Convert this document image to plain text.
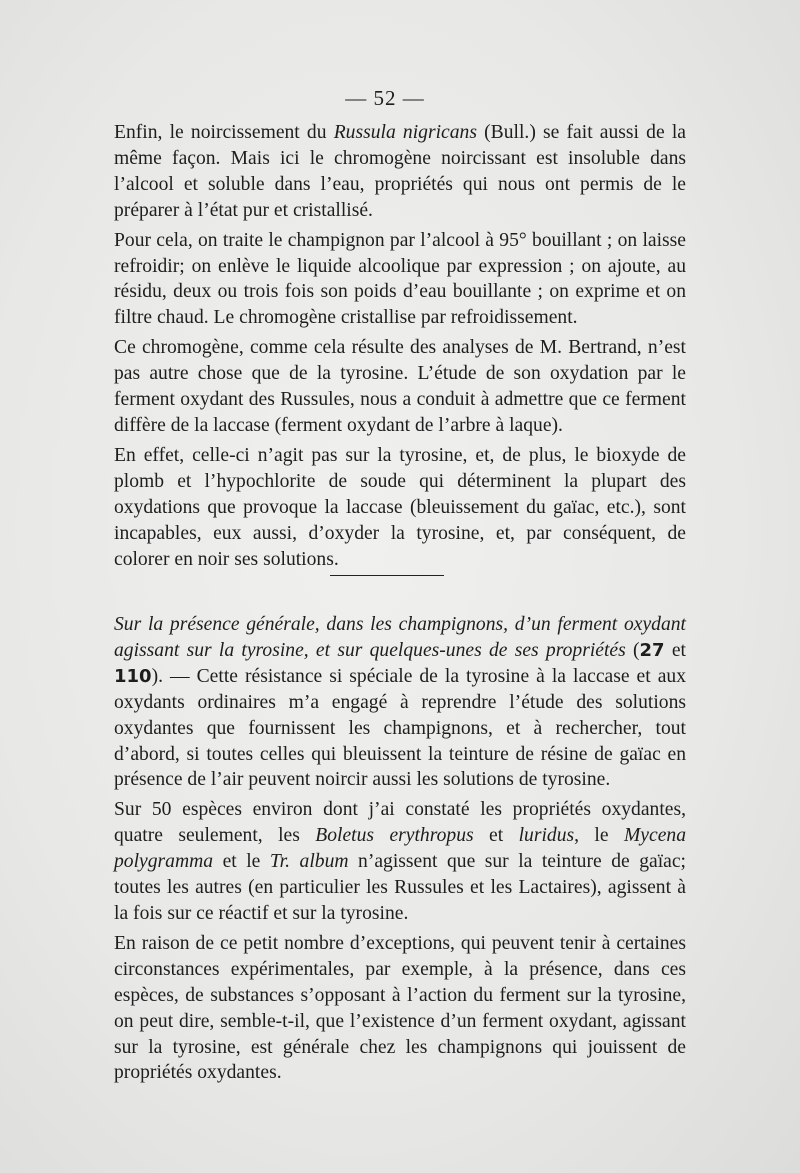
— 52 —

Enfin, le noircissement du Russula nigricans (Bull.) se fait aussi de la même façon. Mais ici le chromogène noircissant est insoluble dans l’alcool et soluble dans l’eau, propriétés qui nous ont permis de le préparer à l’état pur et cristallisé.

Pour cela, on traite le champignon par l’alcool à 95° bouillant ; on laisse refroidir; on enlève le liquide alcoolique par expression ; on ajoute, au résidu, deux ou trois fois son poids d’eau bouillante ; on exprime et on filtre chaud. Le chromogène cristallise par refroidissement.

Ce chromogène, comme cela résulte des analyses de M. Bertrand, n’est pas autre chose que de la tyrosine. L’étude de son oxydation par le ferment oxydant des Russules, nous a conduit à admettre que ce ferment diffère de la laccase (ferment oxydant de l’arbre à laque).

En effet, celle-ci n’agit pas sur la tyrosine, et, de plus, le bioxyde de plomb et l’hypochlorite de soude qui déterminent la plupart des oxydations que provoque la laccase (bleuissement du gaïac, etc.), sont incapables, eux aussi, d’oxyder la tyrosine, et, par conséquent, de colorer en noir ses solutions.

Sur la présence générale, dans les champignons, d’un ferment oxydant agissant sur la tyrosine, et sur quelques-unes de ses propriétés (27 et 110). — Cette résistance si spéciale de la tyrosine à la laccase et aux oxydants ordinaires m’a engagé à reprendre l’étude des solutions oxydantes que fournissent les champignons, et à rechercher, tout d’abord, si toutes celles qui bleuissent la teinture de résine de gaïac en présence de l’air peuvent noircir aussi les solutions de tyrosine.

Sur 50 espèces environ dont j’ai constaté les propriétés oxydantes, quatre seulement, les Boletus erythropus et luridus, le Mycena polygramma et le Tr. album n’agissent que sur la teinture de gaïac; toutes les autres (en particulier les Russules et les Lactaires), agissent à la fois sur ce réactif et sur la tyrosine.

En raison de ce petit nombre d’exceptions, qui peuvent tenir à certaines circonstances expérimentales, par exemple, à la présence, dans ces espèces, de substances s’opposant à l’action du ferment sur la tyrosine, on peut dire, semble-t-il, que l’existence d’un ferment oxydant, agissant sur la tyrosine, est générale chez les champignons qui jouissent de propriétés oxydantes.
